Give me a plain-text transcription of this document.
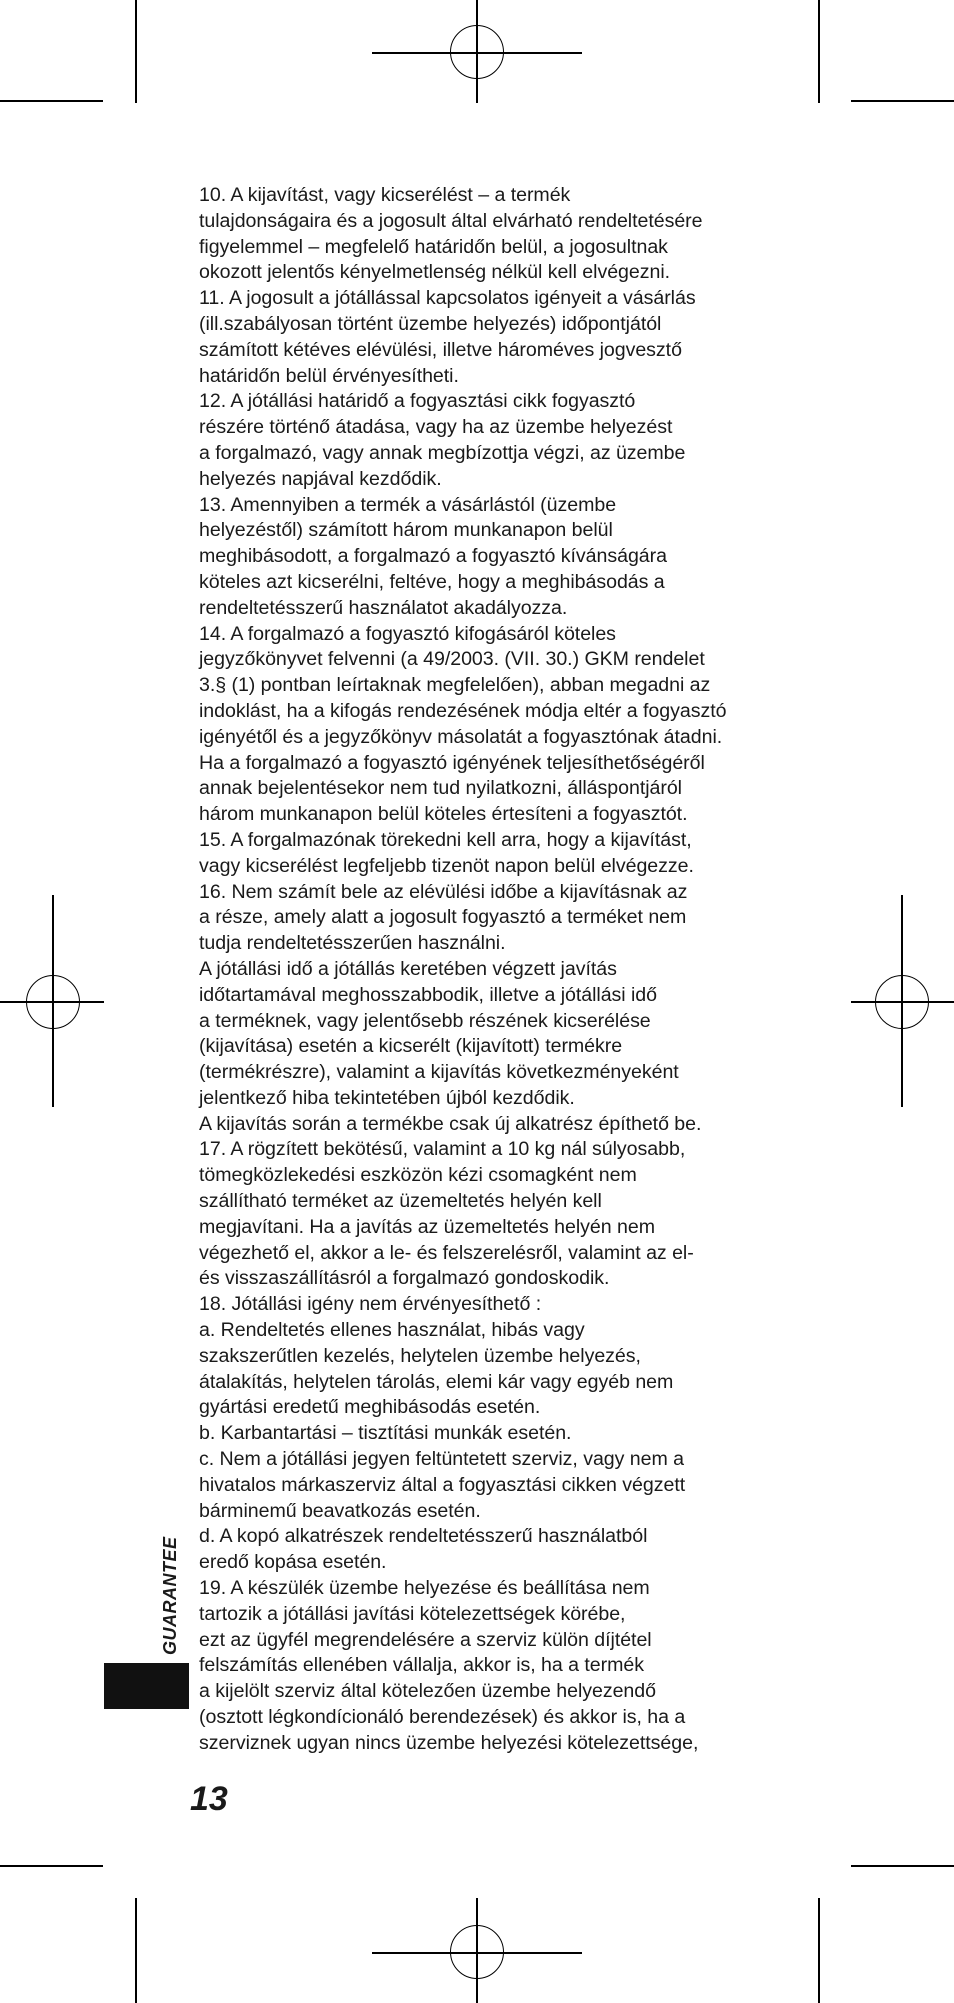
10. A kijavítást, vagy kicserélést – a termék
tulajdonságaira és a jogosult által elvárható rendeltetésére
figyelemmel – megfelelő határidőn belül, a jogosultnak
okozott jelentős kényelmetlenség nélkül kell elvégezni.
11. A jogosult a jótállással kapcsolatos igényeit a vásárlás
(ill.szabályosan történt üzembe helyezés) időpontjától
számított kétéves elévülési, illetve hároméves jogvesztő
határidőn belül érvényesítheti.
12. A jótállási határidő a fogyasztási cikk fogyasztó
részére történő átadása, vagy ha az üzembe helyezést
a forgalmazó, vagy annak megbízottja végzi, az üzembe
helyezés napjával kezdődik.
13. Amennyiben a termék a vásárlástól (üzembe
helyezéstől) számított három munkanapon belül
meghibásodott, a forgalmazó a fogyasztó kívánságára
köteles azt kicserélni, feltéve, hogy a meghibásodás a
rendeltetésszerű használatot akadályozza.
14. A forgalmazó a fogyasztó kifogásáról köteles
jegyzőkönyvet felvenni (a 49/2003. (VII. 30.) GKM rendelet
3.§ (1) pontban leírtaknak megfelelően), abban megadni az
indoklást, ha a kifogás rendezésének módja eltér a fogyasztó
igényétől és a jegyzőkönyv másolatát a fogyasztónak átadni.
Ha a forgalmazó a fogyasztó igényének teljesíthetőségéről
annak bejelentésekor nem tud nyilatkozni, álláspontjáról
három munkanapon belül köteles értesíteni a fogyasztót.
15. A forgalmazónak törekedni kell arra, hogy a kijavítást,
vagy kicserélést legfeljebb tizenöt napon belül elvégezze.
16. Nem számít bele az elévülési időbe a kijavításnak az
a része, amely alatt a jogosult fogyasztó a terméket nem
tudja rendeltetésszerűen használni.
A jótállási idő a jótállás keretében végzett javítás
időtartamával meghosszabbodik, illetve a jótállási idő
a terméknek, vagy jelentősebb részének kicserélése
(kijavítása) esetén a kicserélt (kijavított) termékre
(termékrészre), valamint a kijavítás következményeként
jelentkező hiba tekintetében újból kezdődik.
A kijavítás során a termékbe csak új alkatrész építhető be.
17. A rögzített bekötésű, valamint a 10 kg nál súlyosabb,
tömegközlekedési eszközön kézi csomagként nem
szállítható terméket az üzemeltetés helyén kell
megjavítani. Ha a javítás az üzemeltetés helyén nem
végezhető el, akkor a le- és felszerelésről, valamint az el-
és visszaszállításról a forgalmazó gondoskodik.
18. Jótállási igény nem érvényesíthető :
a. Rendeltetés ellenes használat, hibás vagy
szakszerűtlen kezelés, helytelen üzembe helyezés,
átalakítás, helytelen tárolás, elemi kár vagy egyéb nem
gyártási eredetű meghibásodás esetén.
b. Karbantartási – tisztítási munkák esetén.
c. Nem a jótállási jegyen feltüntetett szerviz, vagy nem a
hivatalos márkaszerviz által a fogyasztási cikken végzett
bárminemű beavatkozás esetén.
d. A kopó alkatrészek rendeltetésszerű használatból
eredő kopása esetén.
19. A készülék üzembe helyezése és beállítása nem
tartozik a jótállási javítási kötelezettségek körébe,
ezt az ügyfél megrendelésére a szerviz külön díjtétel
felszámítás ellenében vállalja, akkor is, ha a termék
a kijelölt szerviz által kötelezően üzembe helyezendő
(osztott légkondícionáló berendezések) és akkor is, ha a
szerviznek ugyan nincs üzembe helyezési kötelezettsége,
GUARANTEE
13
